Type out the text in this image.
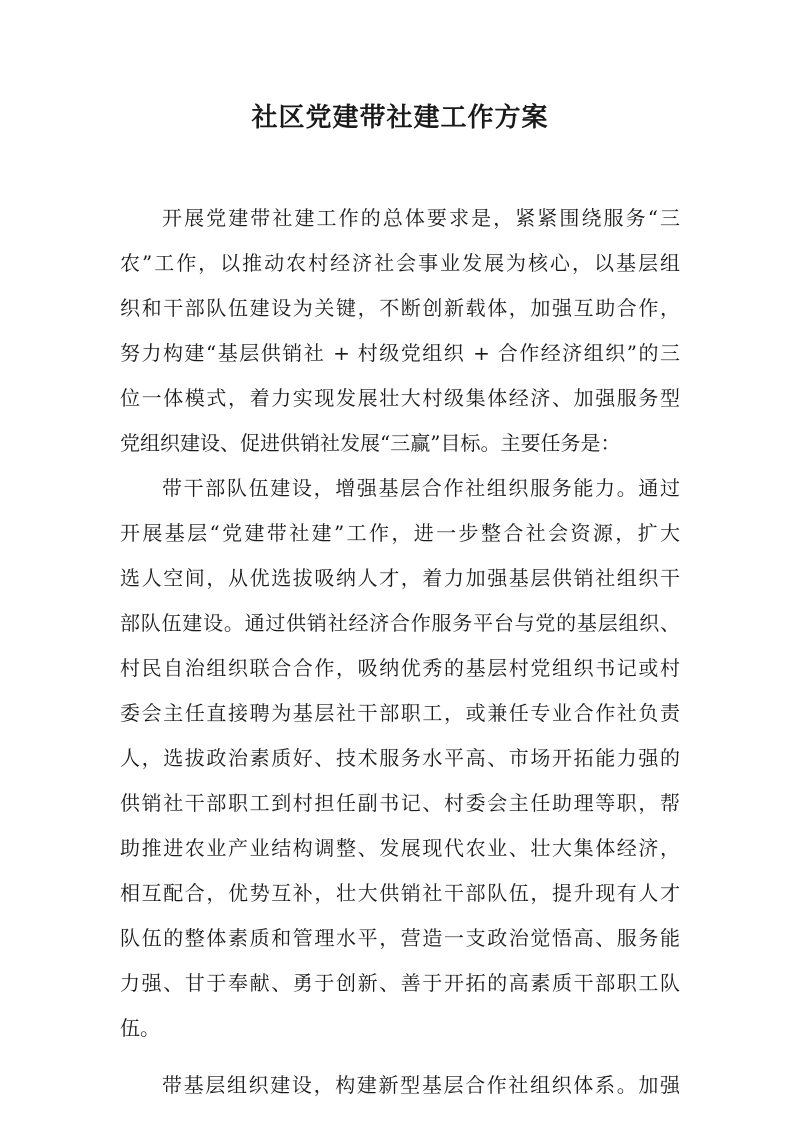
社区党建带社建工作方案
开展党建带社建工作的总体要求是，紧紧围绕服务“三
农”工作，以推动农村经济社会事业发展为核心，以基层组
织和干部队伍建设为关键，不断创新载体，加强互助合作，
努力构建“基层供销社 + 村级党组织 + 合作经济组织”的三
位一体模式，着力实现发展壮大村级集体经济、加强服务型
党组织建设、促进供销社发展“三赢”目标。主要任务是：
带干部队伍建设，增强基层合作社组织服务能力。通过
开展基层“党建带社建”工作，进一步整合社会资源，扩大
选人空间，从优选拔吸纳人才，着力加强基层供销社组织干
部队伍建设。通过供销社经济合作服务平台与党的基层组织、
村民自治组织联合合作，吸纳优秀的基层村党组织书记或村
委会主任直接聘为基层社干部职工，或兼任专业合作社负责
人，选拔政治素质好、技术服务水平高、市场开拓能力强的
供销社干部职工到村担任副书记、村委会主任助理等职，帮
助推进农业产业结构调整、发展现代农业、壮大集体经济，
相互配合，优势互补，壮大供销社干部队伍，提升现有人才
队伍的整体素质和管理水平，营造一支政治觉悟高、服务能
力强、甘于奉献、勇于创新、善于开拓的高素质干部职工队
伍。
带基层组织建设，构建新型基层合作社组织体系。加强
